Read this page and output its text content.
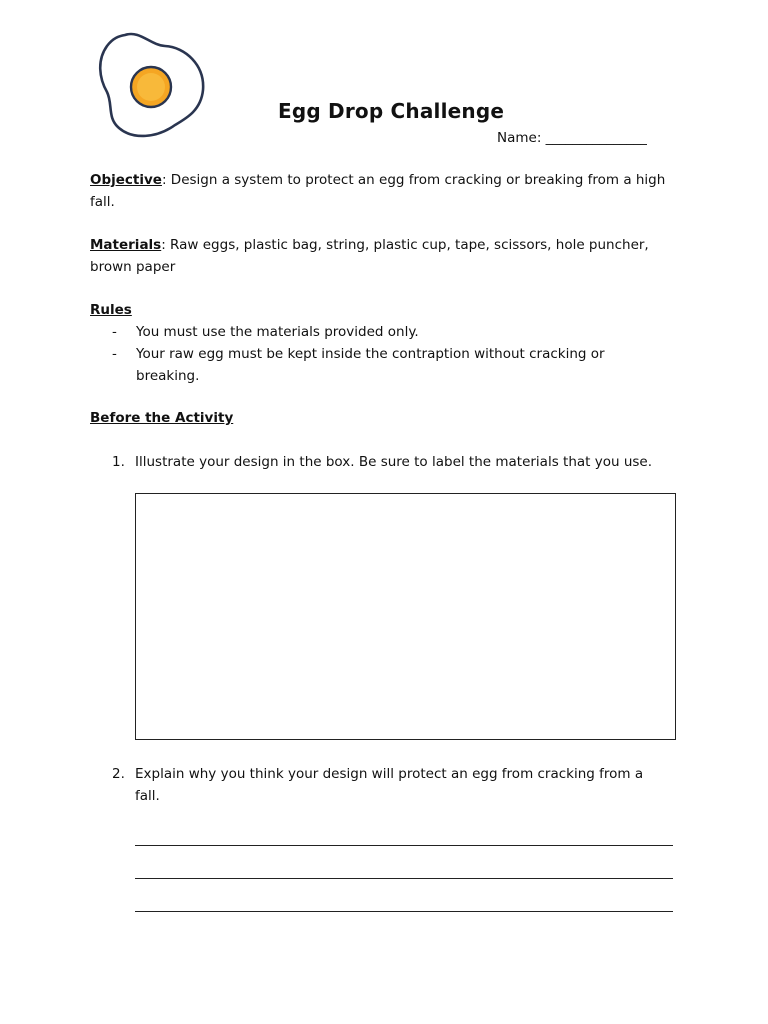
Egg Drop Challenge
Name: _______________
Objective: Design a system to protect an egg from cracking or breaking from a high fall.
Materials: Raw eggs, plastic bag, string, plastic cup, tape, scissors, hole puncher, brown paper
Rules
- You must use the materials provided only.
- Your raw egg must be kept inside the contraption without cracking or breaking.
Before the Activity
1. Illustrate your design in the box. Be sure to label the materials that you use.
2. Explain why you think your design will protect an egg from cracking from a fall.
